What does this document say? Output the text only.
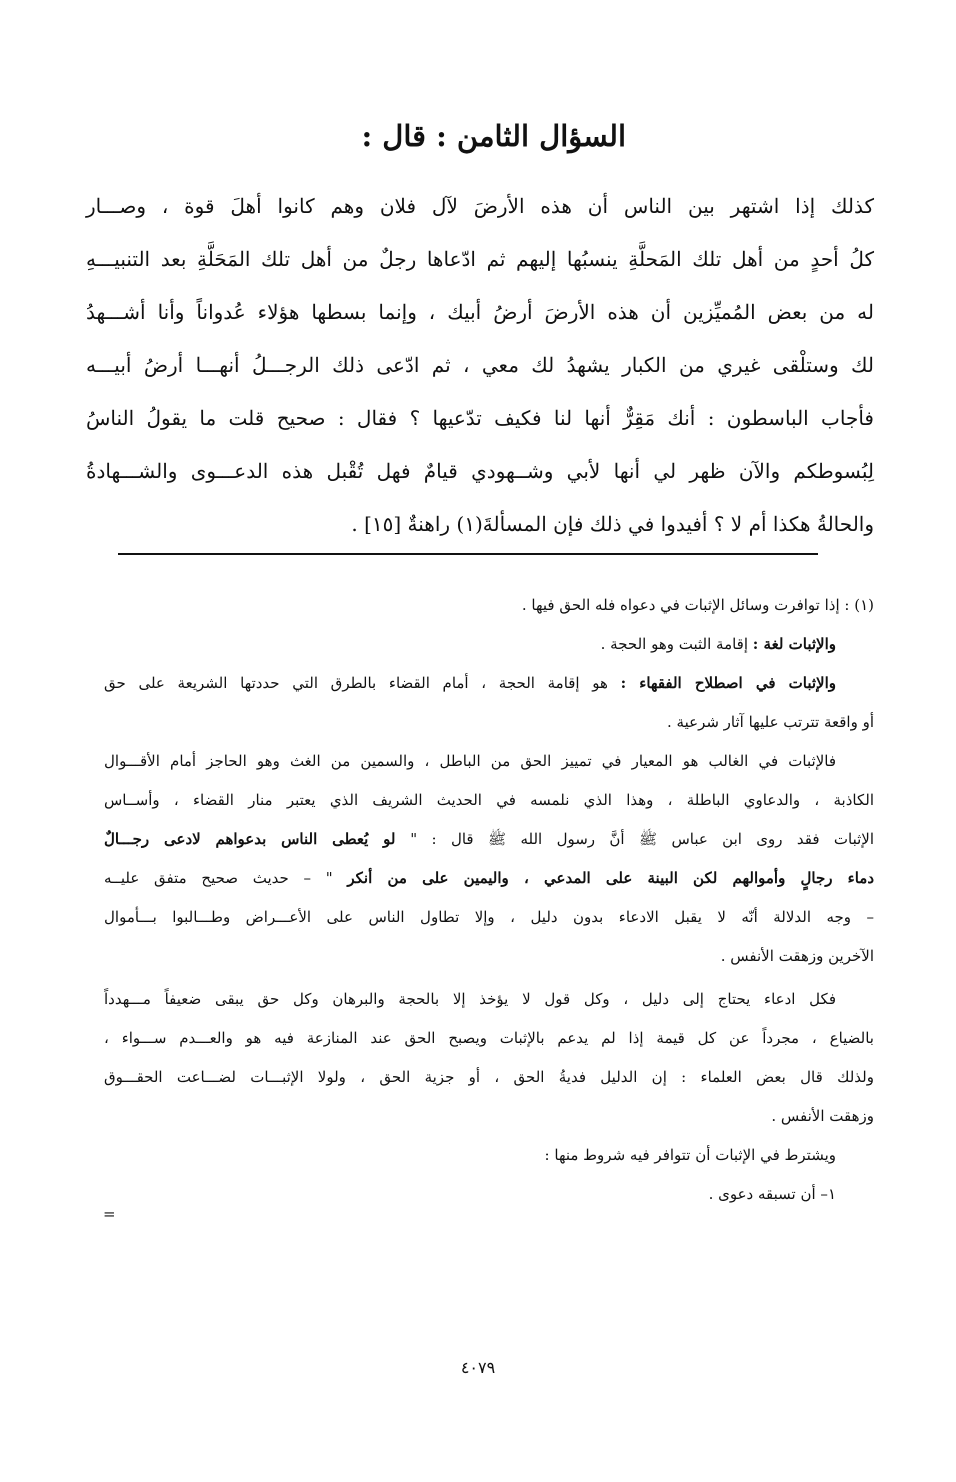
السؤال الثامن : قال :
كذلك إذا اشتهر بين الناس أن هذه الأرضَ لآل فلان وهم كانوا أهلَ قوة ، وصـــار
كلُ أحدٍ من أهل تلك المَحلَّةِ ينسبُها إليهم ثم ادّعاها رجلٌ من أهل تلك المَحَلَّةِ بعد التنبيـــهِ
له من بعض المُميِّزين أن هذه الأرضَ أرضُ أبيك ، وإنما بسطها هؤلاء عُدواناً وأنا أشـــهدُ
لك وستلْقى غيري من الكبار يشهدُ لك معي ، ثم ادّعى ذلك الرجـــلُ أنهـــا أرضُ أبيـــه
فأجاب الباسطون : أنك مَقِرٌّ أنها لنا فكيف تدّعيها ؟ فقال : صحيح قلت ما يقولُ الناسُ
لِبُسوطكم والآن ظهر لي أنها لأبي وشــهودي قيامٌ فهل تُقْبل هذه الدعـــوى والشـــهادةُ
والحالةُ هكذا أم لا ؟ أفيدوا في ذلك فإن المسألةَ(١) راهنةٌ [١٥] .
(١) : إذا توافرت وسائل الإثبات في دعواه فله الحق فيها .
والإثبات لغة : إقامة الثبت وهو الحجة .
والإثبات في اصطلاح الفقهاء : هو إقامة الحجة ، أمام القضاء بالطرق التي حددتها الشريعة على حق
أو واقعة تترتب عليها آثار شرعية .
فالإثبات في الغالب هو المعيار في تمييز الحق من الباطل ، والسمين من الغث وهو الحاجز أمام الأقـــوال
الكاذبة ، والدعاوي الباطلة ، وهذا الذي نلمسه في الحديث الشريف الذي يعتبر منار القضاء ، وأســاس
الإثبات فقد روى ابن عباس ﷺ أنَّ رسول الله ﷺ قال : " لو يُعطى الناس بدعواهم لادعى رجـــالٌ
دماء رجالٍ وأموالهم لكن البينة على المدعي ، واليمين على من أنكر " – حديث صحيح متفق عليــه
– وجه الدلالة أنّه لا يقبل الادعاء بدون دليل ، وإلا تطاول الناس على الأعـــراض وطـــالبوا بـــأموال
الآخرين وزهقت الأنفس .
فكل ادعاء يحتاج إلى دليل ، وكل قول لا يؤخذ إلا بالحجة والبرهان وكل حق يبقى ضعيفاً مـــهدداً
بالضياع ، مجرداً عن كل قيمة إذا لم يدعم بالإثبات ويصبح الحق عند المنازعة فيه هو والعـــدم ســـواء ،
ولذلك قال بعض العلماء : إن الدليل فديةُ الحق ، أو جزية الحق ، ولولا الإثبـــات لضـــاعت الحقـــوق
وزهقت الأنفس .
ويشترط في الإثبات أن تتوافر فيه شروط منها :
١– أن تسبقه دعوى .
=
٤٠٧٩
